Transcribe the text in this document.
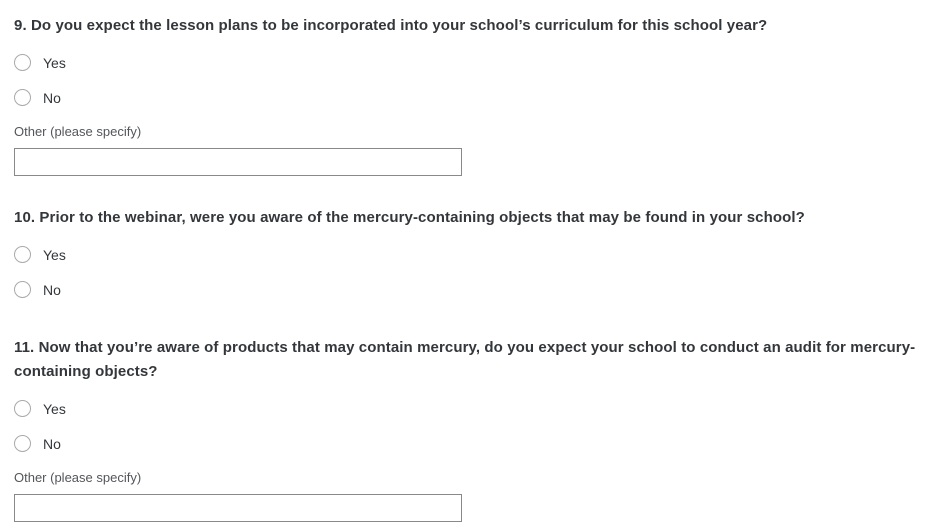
9. Do you expect the lesson plans to be incorporated into your school’s curriculum for this school year?
Yes
No
Other (please specify)
10. Prior to the webinar, were you aware of the mercury-containing objects that may be found in your school?
Yes
No
11. Now that you’re aware of products that may contain mercury, do you expect your school to conduct an audit for mercury-containing objects?
Yes
No
Other (please specify)
